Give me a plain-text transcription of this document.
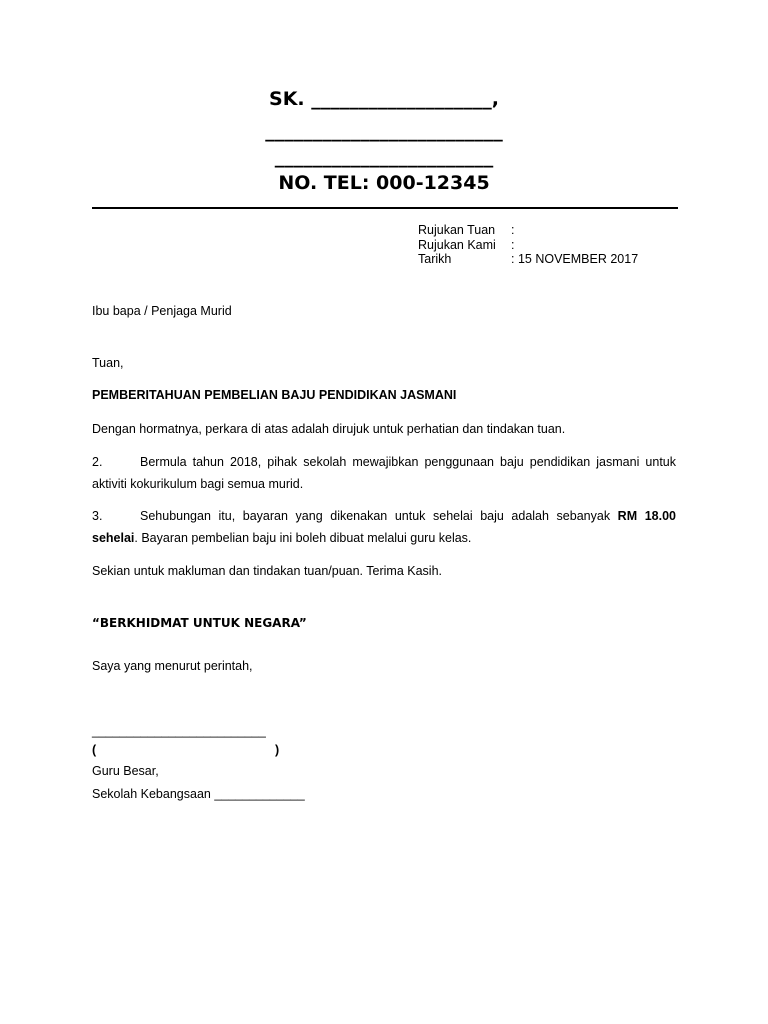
SK. ___________________,
_________________________
_______________________
NO. TEL: 000-12345
Rujukan Tuan	:
Rujukan Kami	:
Tarikh	: 15 NOVEMBER 2017
Ibu bapa / Penjaga Murid
Tuan,
PEMBERITAHUAN PEMBELIAN BAJU PENDIDIKAN JASMANI
Dengan hormatnya, perkara di atas adalah dirujuk untuk perhatian dan tindakan tuan.
2.	Bermula tahun 2018, pihak sekolah mewajibkan penggunaan baju pendidikan jasmani untuk aktiviti kokurikulum bagi semua murid.
3.	Sehubungan itu, bayaran yang dikenakan untuk sehelai baju adalah sebanyak RM 18.00 sehelai. Bayaran pembelian baju ini boleh dibuat melalui guru kelas.
Sekian untuk makluman dan tindakan tuan/puan. Terima Kasih.
“BERKHIDMAT UNTUK NEGARA”
Saya yang menurut perintah,
_________________________
(	)
Guru Besar,
Sekolah Kebangsaan _____________
